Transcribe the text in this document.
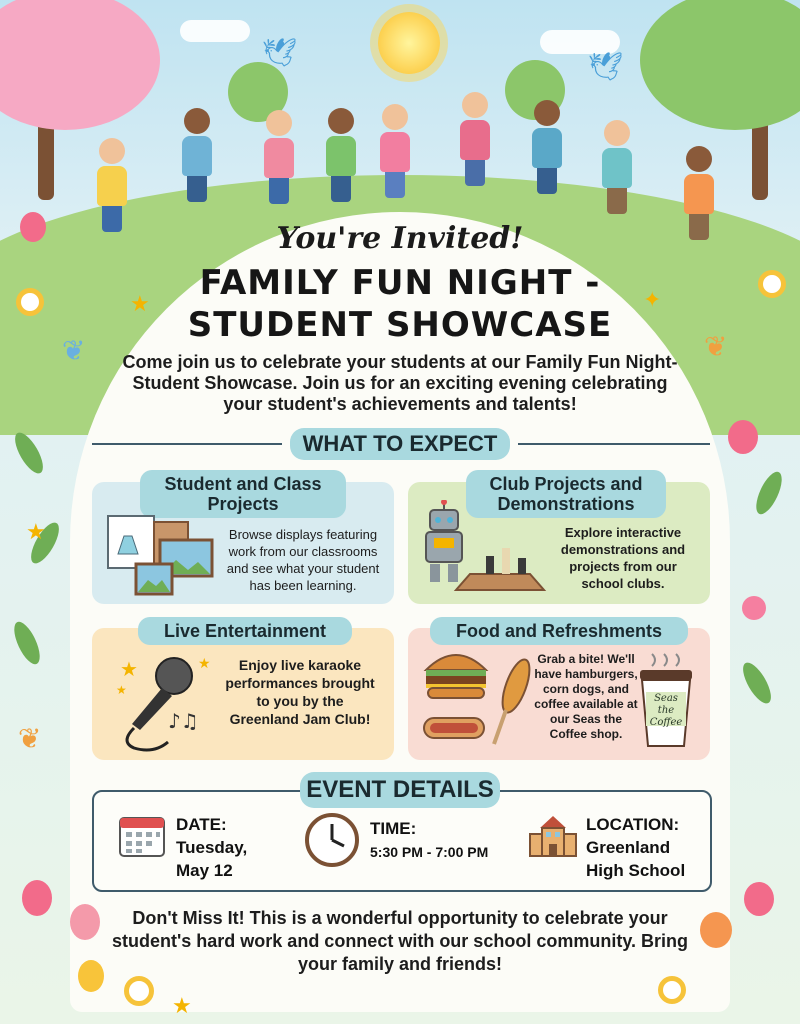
🕊	🕊
❦	❦
❦
★	✦
★
★
You're Invited!
FAMILY FUN NIGHT -
STUDENT SHOWCASE
Come join us to celebrate your students at our Family Fun Night-Student Showcase. Join us for an exciting evening celebrating your student's achievements and talents!
WHAT TO EXPECT
Student and Class Projects
Browse displays featuring work from our classrooms and see what your student has been learning.
Club Projects and Demonstrations
Explore interactive demonstrations and projects from our school clubs.
Live Entertainment
★	★
★
♪♫
Enjoy live karaoke performances brought to you by the Greenland Jam Club!
Food and Refreshments
Grab a bite! We'll have hamburgers, corn dogs, and coffee available at our Seas the Coffee shop.
Seas the Coffee
EVENT DETAILS
DATE:
Tuesday,
May 12
TIME:
5:30 PM - 7:00 PM
LOCATION:
Greenland
High School
Don't Miss It! This is a wonderful opportunity to celebrate your student's hard work and connect with our school community. Bring your family and friends!
